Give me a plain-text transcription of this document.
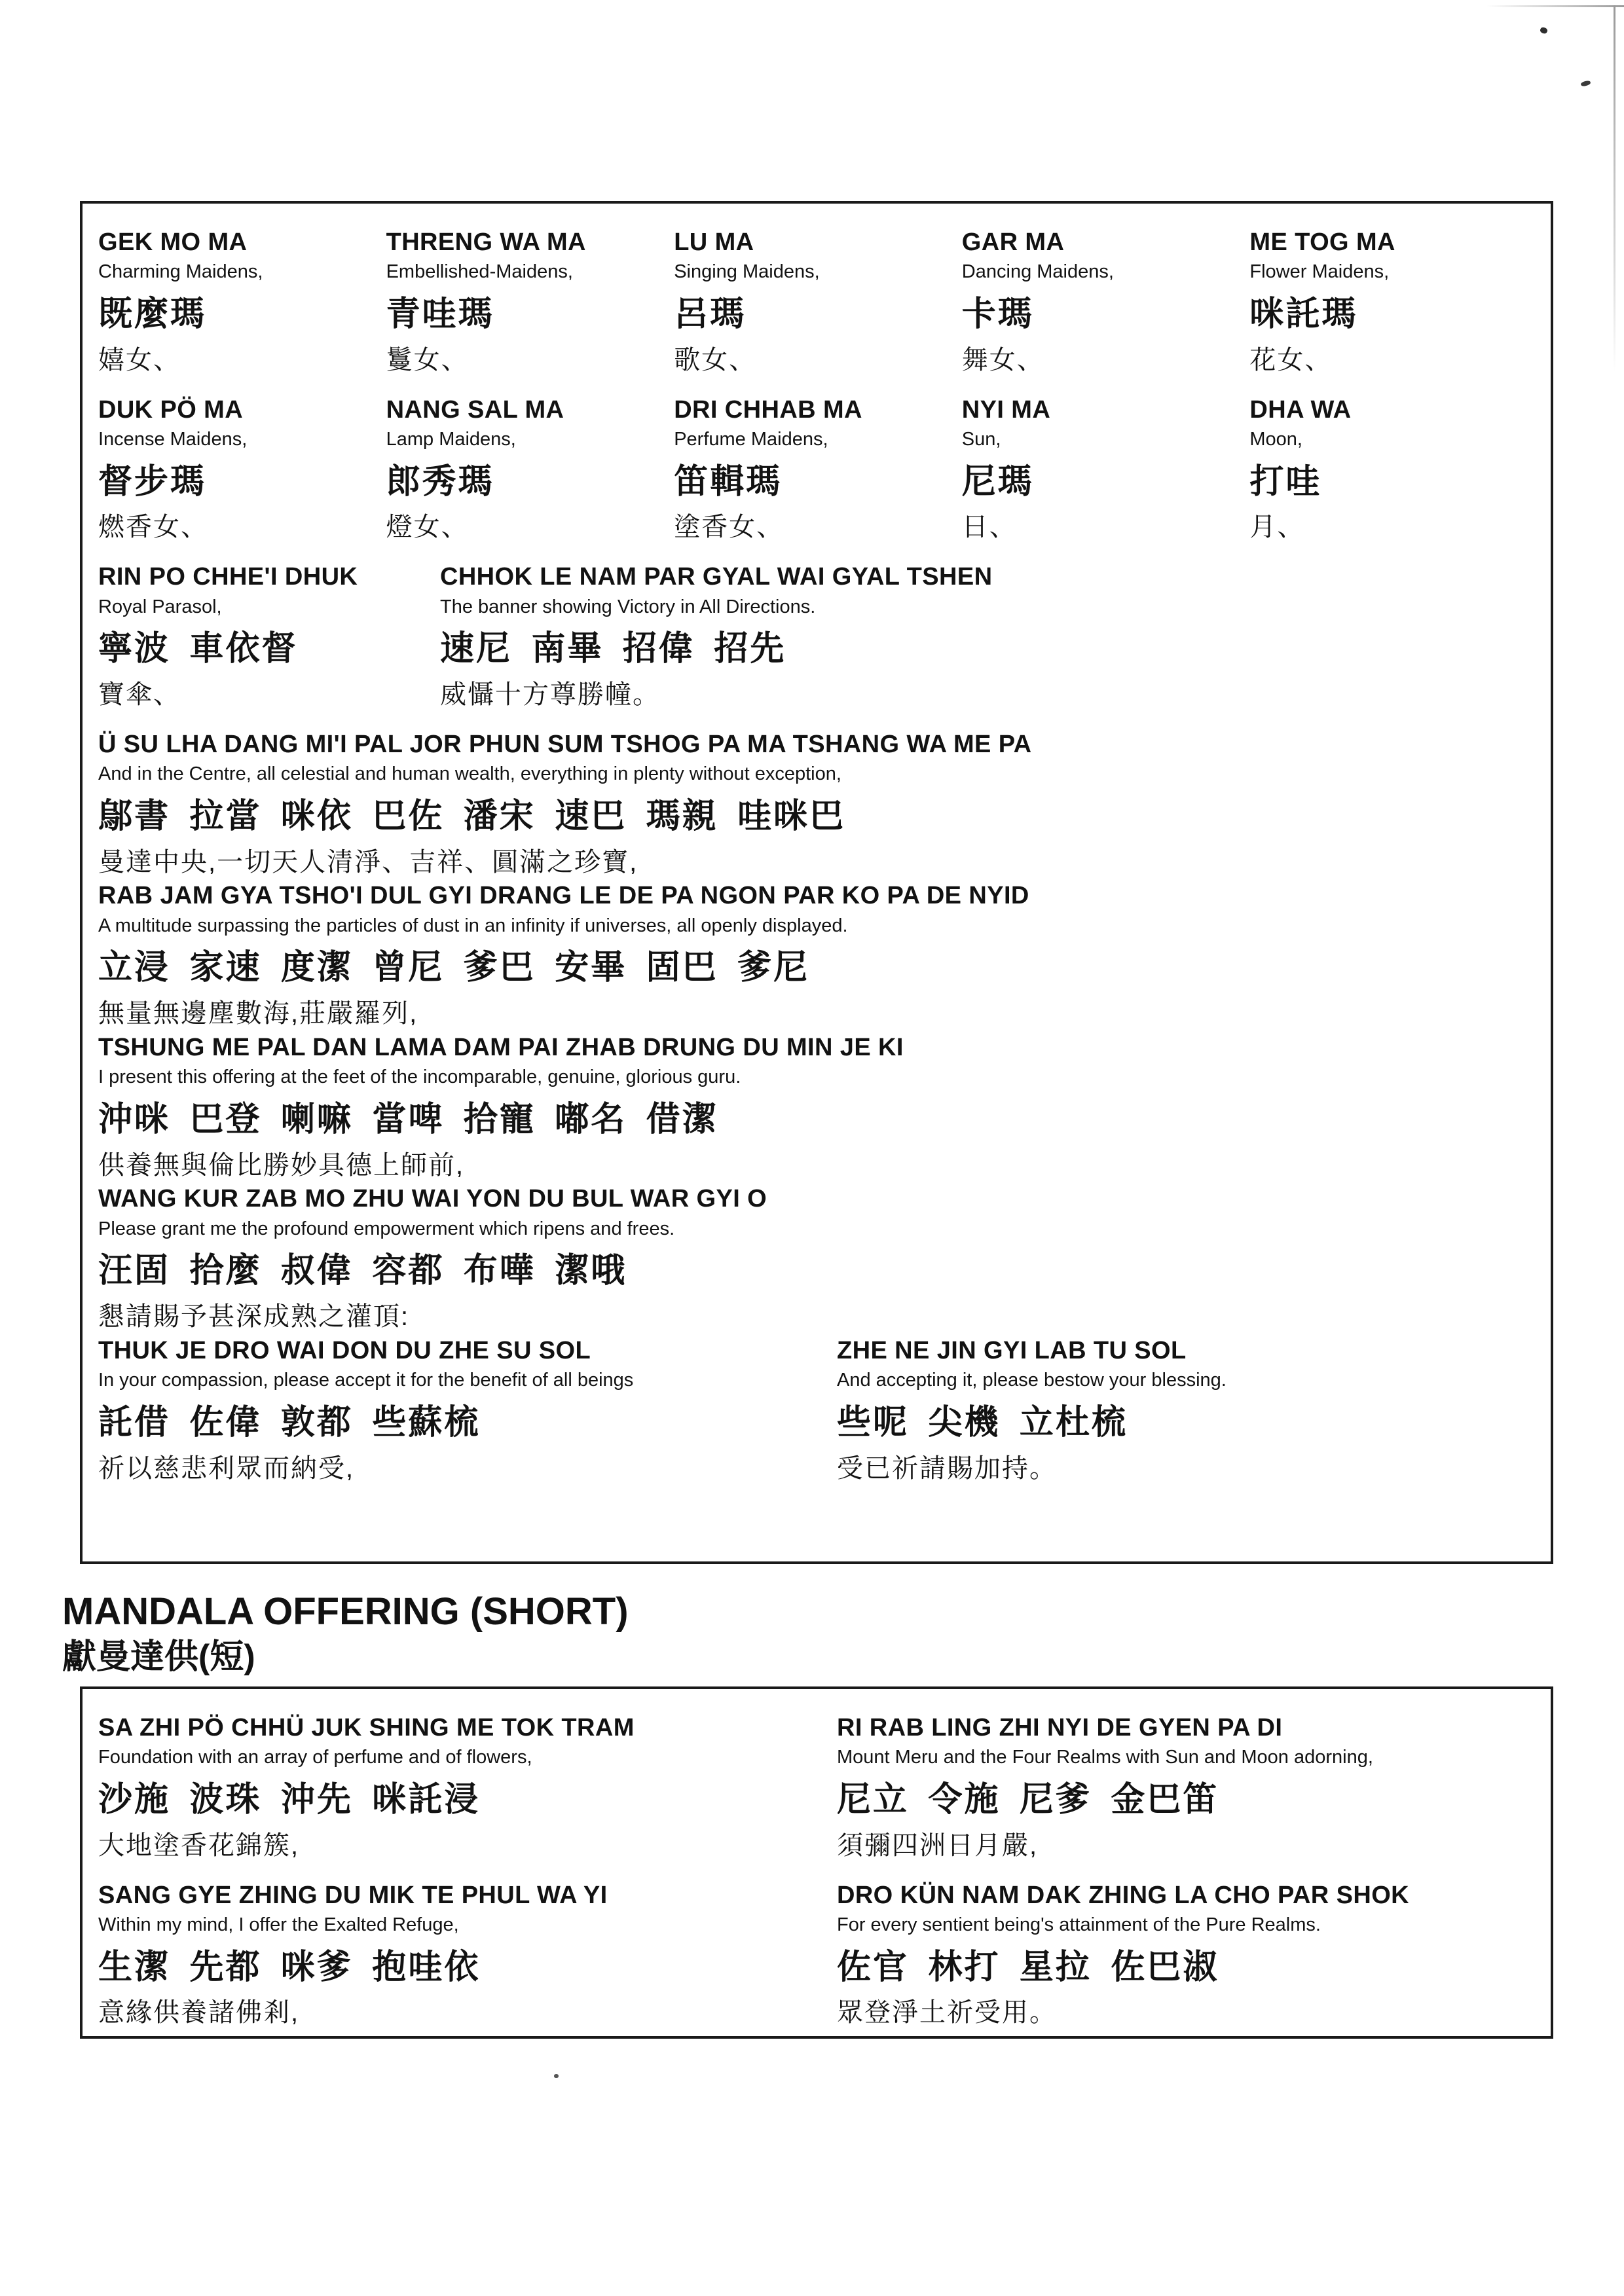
GEK MO MA
Charming Maidens,
既麼瑪
嬉女、
THRENG WA MA
Embellished-Maidens,
青哇瑪
鬘女、
LU MA
Singing Maidens,
呂瑪
歌女、
GAR MA
Dancing Maidens,
卡瑪
舞女、
ME TOG MA
Flower Maidens,
咪託瑪
花女、
DUK PÖ MA
Incense Maidens,
督步瑪
燃香女、
NANG SAL MA
Lamp Maidens,
郎秀瑪
燈女、
DRI CHHAB MA
Perfume Maidens,
笛輯瑪
塗香女、
NYI MA
Sun,
尼瑪
日、
DHA WA
Moon,
打哇
月、
RIN PO CHHE'I DHUK
Royal Parasol,
寧波 車依督
寶傘、
CHHOK LE NAM PAR GYAL WAI GYAL TSHEN
The banner showing Victory in All Directions.
速尼 南畢 招偉 招先
威懾十方尊勝幢。
Ü SU LHA DANG MI'I PAL JOR PHUN SUM TSHOG PA MA TSHANG WA ME PA
And in the Centre, all celestial and human wealth, everything in plenty without exception,
鄔書 拉當 咪依 巴佐 潘宋 速巴 瑪親 哇咪巴
曼達中央,一切天人清淨、吉祥、圓滿之珍寶,
RAB JAM GYA TSHO'I DUL GYI DRANG LE DE PA NGON PAR KO PA DE NYID
A multitude surpassing the particles of dust in an infinity if universes, all openly displayed.
立浸 家速 度潔 曾尼 爹巴 安畢 固巴 爹尼
無量無邊塵數海,莊嚴羅列,
TSHUNG ME PAL DAN LAMA DAM PAI ZHAB DRUNG DU MIN JE KI
I present this offering at the feet of the incomparable, genuine, glorious guru.
沖咪 巴登 喇嘛 當啤 拾寵 嘟名 借潔
供養無與倫比勝妙具德上師前,
WANG KUR ZAB MO ZHU WAI YON DU BUL WAR GYI O
Please grant me the profound empowerment which ripens and frees.
汪固 拾麼 叔偉 容都 布嘩 潔哦
懇請賜予甚深成熟之灌頂:
THUK JE DRO WAI DON DU ZHE SU SOL
In your compassion, please accept it for the benefit of all beings
託借 佐偉 敦都 些蘇梳
祈以慈悲利眾而納受,
ZHE NE JIN GYI LAB TU SOL
And accepting it, please bestow your blessing.
些呢 尖機 立杜梳
受已祈請賜加持。
MANDALA OFFERING (SHORT)
獻曼達供(短)
SA ZHI PÖ CHHÜ JUK SHING ME TOK TRAM
Foundation with an array of perfume and of flowers,
沙施 波珠 沖先 咪託浸
大地塗香花錦簇,
RI RAB LING ZHI NYI DE GYEN PA DI
Mount Meru and the Four Realms with Sun and Moon adorning,
尼立 令施 尼爹 金巴笛
須彌四洲日月嚴,
SANG GYE ZHING DU MIK TE PHUL WA YI
Within my mind, I offer the Exalted Refuge,
生潔 先都 咪爹 抱哇依
意緣供養諸佛剎,
DRO KÜN NAM DAK ZHING LA CHO PAR SHOK
For every sentient being's attainment of the Pure Realms.
佐官 林打 星拉 佐巴淑
眾登淨土祈受用。
